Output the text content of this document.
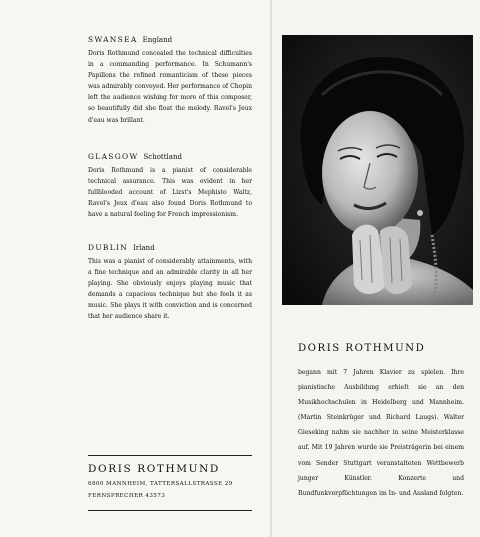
SWANSEA England
Doris Rothmund concealed the technical difficulties in a commanding performance. In Schumann's Papillons the refined romanticism of these pieces was admirably conveyed. Her performance of Chopin left the audience wishing for more of this composer, so beautifully did she float the melody. Ravel's Jeux d'eau was brillant.
GLASGOW Schottland
Doris Rothmund is a pianist of considerable technical assurance. This was evident in her fullblooded account of Lizst's Mephisto Waltz, Ravel's Jeux d'eau also found Doris Rothmund to have a natural feeling for French impressionism.
DUBLIN Irland
This was a pianist of considerably attainments, with a fine technique and an admirable clarity in all her playing. She obviously enjoys playing music that demands a capacious technique but she feels it as music. She plays it with conviction and is concerned that her audience share it.
DORIS ROTHMUND
6800 MANNHEIM, TATTERSALLSTRASSE 29
FERNSPRECHER 43573
DORIS ROTHMUND
begann mit 7 Jahren Klavier zu spielen. Ihre pianistische Ausbildung erhielt sie an den Musikhochschulen in Heidelberg und Mannheim. (Martin Steinkrüger und Richard Laugs). Walter Gieseking nahm sie nachher in seine Meisterklasse auf. Mit 19 Jahren wurde sie Preisträgerin bei einem vom Sender Stuttgart veranstalteten Wettbewerb junger Künstler. Konzerte und Rundfunkverpflichtungen im In- und Ausland folgten.
